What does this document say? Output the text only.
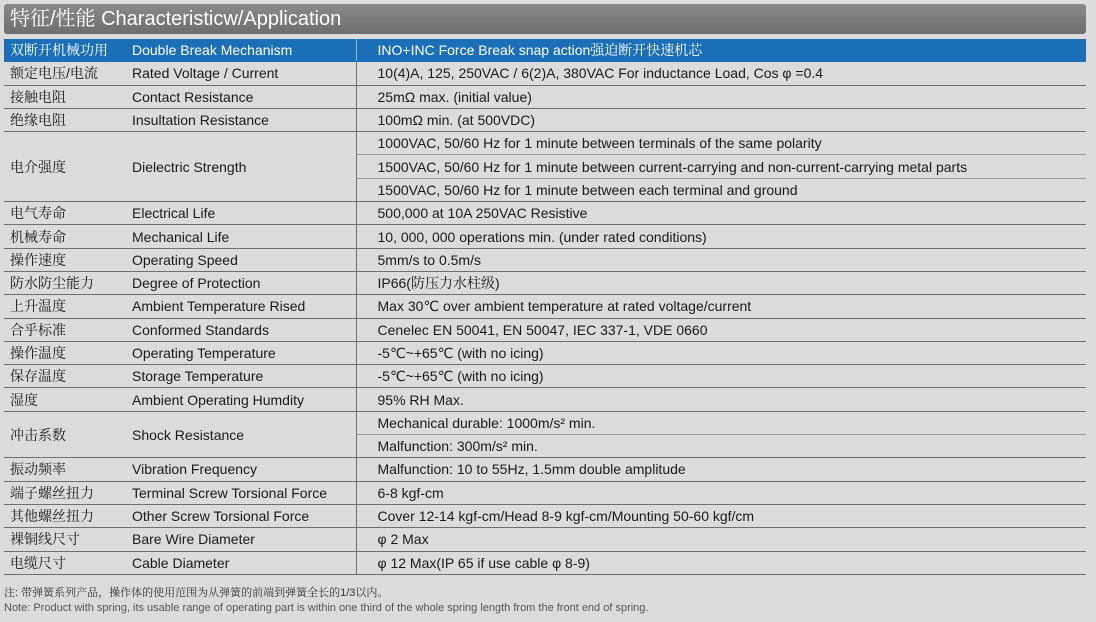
特征/性能 Characteristicw/Application
双断开机械功用	Double Break Mechanism	INO+INC Force Break snap action强迫断开快速机芯
额定电压/电流	Rated Voltage / Current	10(4)A, 125, 250VAC / 6(2)A, 380VAC For inductance Load, Cos φ =0.4
接触电阻	Contact Resistance	25mΩ max. (initial value)
绝缘电阻	Insultation Resistance	100mΩ min. (at 500VDC)
电介强度	Dielectric Strength	1000VAC, 50/60 Hz for 1 minute between terminals of the same polarity
		1500VAC, 50/60 Hz for 1 minute between current-carrying and non-current-carrying metal parts
		1500VAC, 50/60 Hz for 1 minute between each terminal and ground
电气寿命	Electrical Life	500,000 at 10A 250VAC Resistive
机械寿命	Mechanical Life	10, 000, 000 operations min. (under rated conditions)
操作速度	Operating Speed	5mm/s to 0.5m/s
防水防尘能力	Degree of Protection	IP66(防压力水柱级)
上升温度	Ambient Temperature Rised	Max 30℃ over ambient temperature at rated voltage/current
合乎标准	Conformed Standards	Cenelec EN 50041, EN 50047, IEC 337-1, VDE 0660
操作温度	Operating Temperature	-5℃~+65℃ (with no icing)
保存温度	Storage Temperature	-5℃~+65℃ (with no icing)
湿度	Ambient Operating Humdity	95% RH Max.
冲击系数	Shock Resistance	Mechanical durable: 1000m/s² min.
		Malfunction: 300m/s² min.
振动频率	Vibration Frequency	Malfunction: 10 to 55Hz, 1.5mm double amplitude
端子螺丝扭力	Terminal Screw Torsional Force	6-8 kgf-cm
其他螺丝扭力	Other Screw Torsional Force	Cover 12-14 kgf-cm/Head 8-9 kgf-cm/Mounting 50-60 kgf/cm
裸铜线尺寸	Bare Wire Diameter	φ 2 Max
电缆尺寸	Cable Diameter	φ 12 Max(IP 65 if use cable φ 8-9)
注: 带弹簧系列产品，操作体的使用范围为从弹簧的前端到弹簧全长的1/3以内。
Note: Product with spring, its usable range of operating part is within one third of the whole spring length from the front end of spring.
